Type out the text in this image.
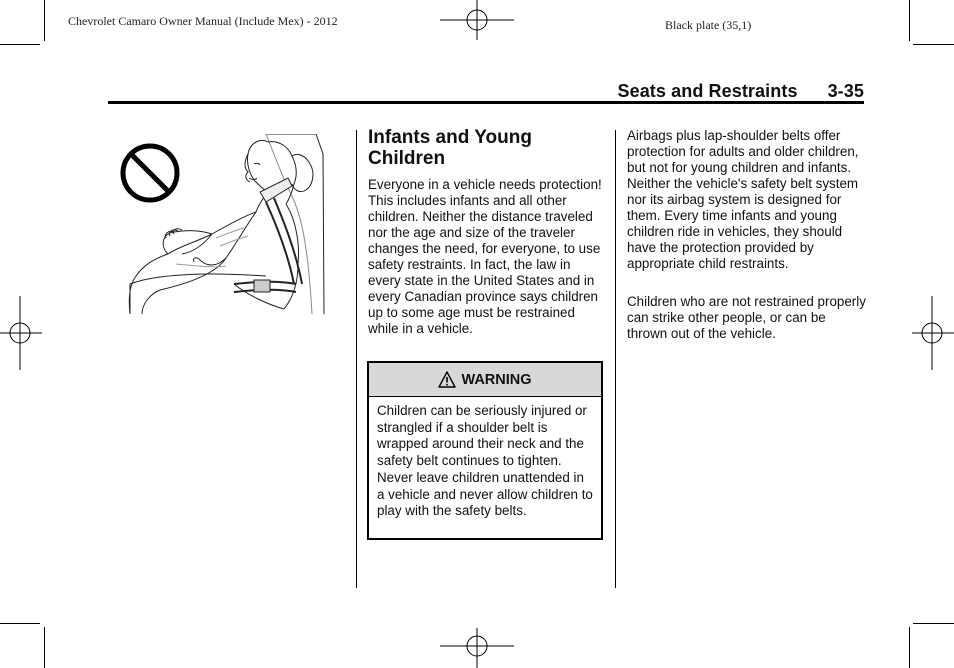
Chevrolet Camaro Owner Manual (Include Mex) - 2012	Black plate (35,1)
Seats and Restraints 3-35
Infants and Young Children

Everyone in a vehicle needs protection! This includes infants and all other children. Neither the distance traveled nor the age and size of the traveler changes the need, for everyone, to use safety restraints. In fact, the law in every state in the United States and in every Canadian province says children up to some age must be restrained while in a vehicle.

WARNING
Children can be seriously injured or strangled if a shoulder belt is wrapped around their neck and the safety belt continues to tighten. Never leave children unattended in a vehicle and never allow children to play with the safety belts.

Airbags plus lap-shoulder belts offer protection for adults and older children, but not for young children and infants. Neither the vehicle's safety belt system nor its airbag system is designed for them. Every time infants and young children ride in vehicles, they should have the protection provided by appropriate child restraints.

Children who are not restrained properly can strike other people, or can be thrown out of the vehicle.
